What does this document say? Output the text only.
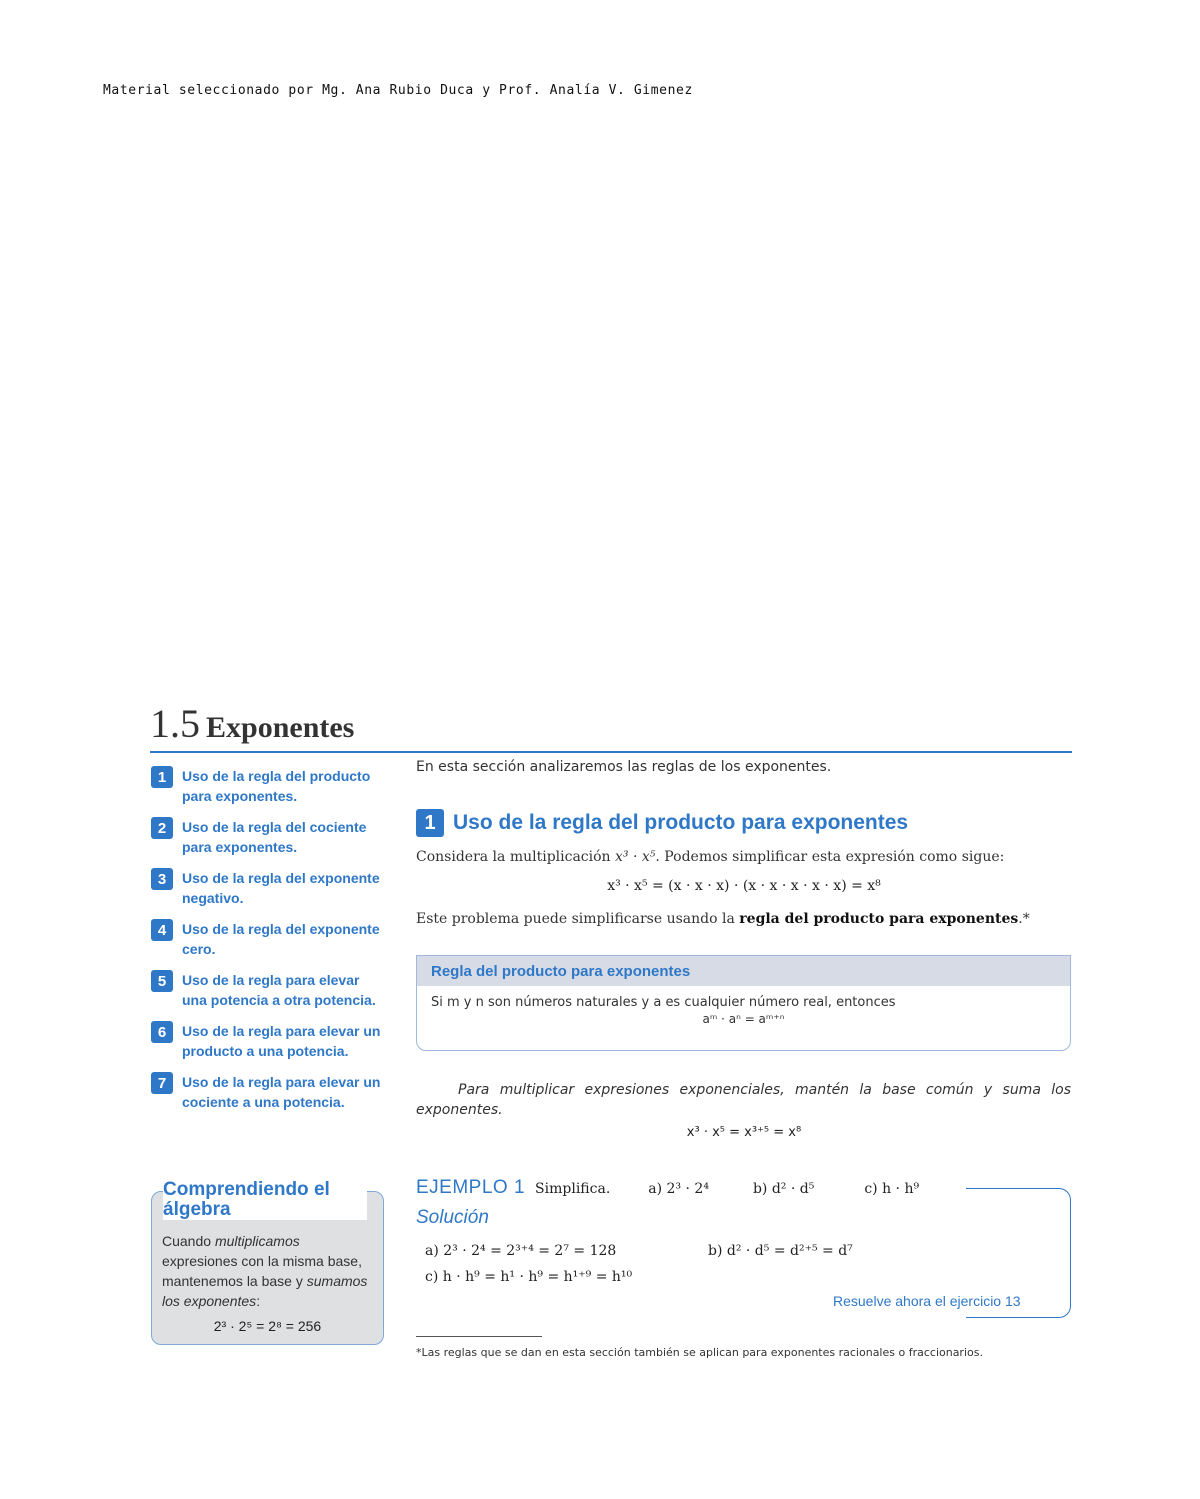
Material seleccionado por Mg. Ana Rubio Duca y Prof. Analía V. Gimenez
1.5 Exponentes
1	Uso de la regla del producto para exponentes.
2	Uso de la regla del cociente para exponentes.
3	Uso de la regla del exponente negativo.
4	Uso de la regla del exponente cero.
5	Uso de la regla para elevar una potencia a otra potencia.
6	Uso de la regla para elevar un producto a una potencia.
7	Uso de la regla para elevar un cociente a una potencia.
Comprendiendo el álgebra
Cuando multiplicamos expresiones con la misma base, mantenemos la base y sumamos los exponentes:
2³ · 2⁵ = 2⁸ = 256
En esta sección analizaremos las reglas de los exponentes.
1 Uso de la regla del producto para exponentes
Considera la multiplicación x³ · x⁵. Podemos simplificar esta expresión como sigue:
x³ · x⁵ = (x · x · x) · (x · x · x · x · x) = x⁸
Este problema puede simplificarse usando la regla del producto para exponentes.*
Regla del producto para exponentes
Si m y n son números naturales y a es cualquier número real, entonces
aᵐ · aⁿ = aᵐ⁺ⁿ
Para multiplicar expresiones exponenciales, mantén la base común y suma los exponentes.
x³ · x⁵ = x³⁺⁵ = x⁸
EJEMPLO 1 Simplifica.	a) 2³ · 2⁴	b) d² · d⁵	c) h · h⁹
Solución
a) 2³ · 2⁴ = 2³⁺⁴ = 2⁷ = 128	b) d² · d⁵ = d²⁺⁵ = d⁷
c) h · h⁹ = h¹ · h⁹ = h¹⁺⁹ = h¹⁰
Resuelve ahora el ejercicio 13
*Las reglas que se dan en esta sección también se aplican para exponentes racionales o fraccionarios.
